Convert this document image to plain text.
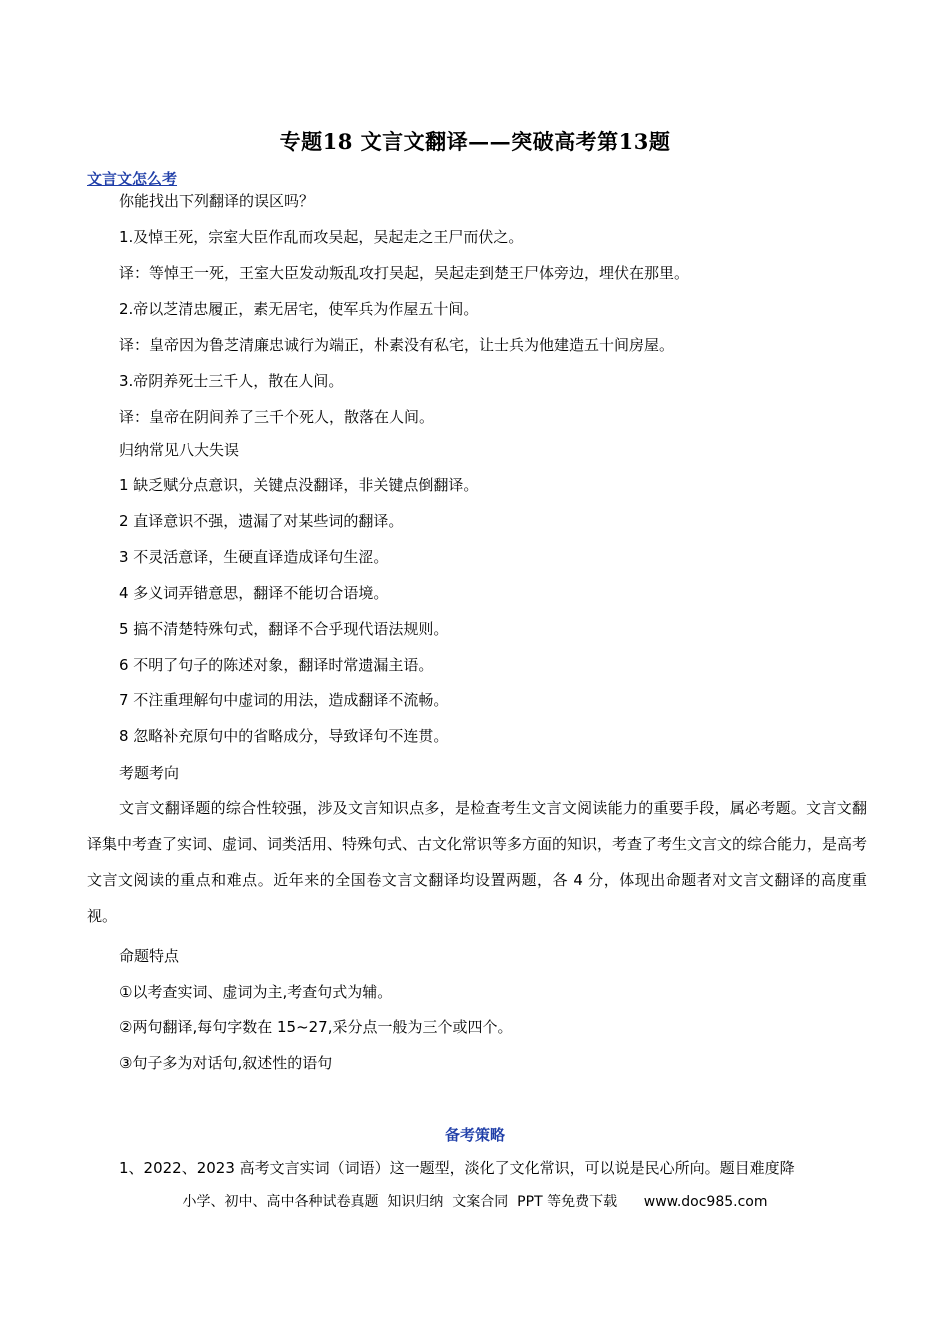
专题18 文言文翻译——突破高考第13题
文言文怎么考
你能找出下列翻译的误区吗？
1.及悼王死，宗室大臣作乱而攻吴起，吴起走之王尸而伏之。
译：等悼王一死，王室大臣发动叛乱攻打吴起，吴起走到楚王尸体旁边，埋伏在那里。
2.帝以芝清忠履正，素无居宅，使军兵为作屋五十间。
译：皇帝因为鲁芝清廉忠诚行为端正，朴素没有私宅，让士兵为他建造五十间房屋。
3.帝阴养死士三千人，散在人间。
译：皇帝在阴间养了三千个死人，散落在人间。
归纳常见八大失误
1 缺乏赋分点意识，关键点没翻译，非关键点倒翻译。
2 直译意识不强，遗漏了对某些词的翻译。
3 不灵活意译，生硬直译造成译句生涩。
4 多义词弄错意思，翻译不能切合语境。
5 搞不清楚特殊句式，翻译不合乎现代语法规则。
6 不明了句子的陈述对象，翻译时常遗漏主语。
7 不注重理解句中虚词的用法，造成翻译不流畅。
8 忽略补充原句中的省略成分，导致译句不连贯。
考题考向
文言文翻译题的综合性较强，涉及文言知识点多，是检查考生文言文阅读能力的重要手段，属必考题。文言文翻译集中考查了实词、虚词、词类活用、特殊句式、古文化常识等多方面的知识，考查了考生文言文的综合能力，是高考文言文阅读的重点和难点。近年来的全国卷文言文翻译均设置两题，各 4 分，体现出命题者对文言文翻译的高度重视。
命题特点
①以考查实词、虚词为主,考查句式为辅。
②两句翻译,每句字数在 15~27,采分点一般为三个或四个。
③句子多为对话句,叙述性的语句
备考策略
1、2022、2023 高考文言实词（词语）这一题型，淡化了文化常识，可以说是民心所向。题目难度降
小学、初中、高中各种试卷真题  知识归纳  文案合同  PPT 等免费下载      www.doc985.com
